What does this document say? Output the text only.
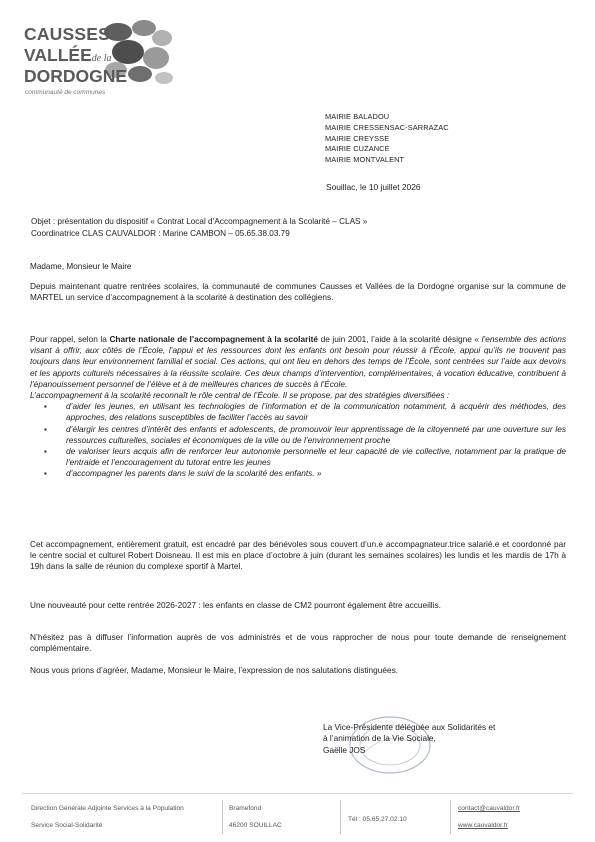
CAUSSESet
VALLÉEde la
DORDOGNE
communauté de communes
MAIRIE BALADOU
MAIRIE CRESSENSAC-SARRAZAC
MAIRIE CREYSSE
MAIRIE CUZANCE
MAIRIE MONTVALENT
Souillac, le 10 juillet 2026
Objet : présentation du dispositif « Contrat Local d’Accompagnement à la Scolarité – CLAS »
Coordinatrice CLAS CAUVALDOR : Marine CAMBON – 05.65.38.03.79
Madame, Monsieur le Maire
Depuis maintenant quatre rentrées scolaires, la communauté de communes Causses et Vallées de la Dordogne organise sur la commune de MARTEL un service d’accompagnement à la scolarité à destination des collégiens.
Pour rappel, selon la Charte nationale de l’accompagnement à la scolarité de juin 2001, l’aide à la scolarité désigne « l’ensemble des actions visant à offrir, aux côtés de l’École, l’appui et les ressources dont les enfants ont besoin pour réussir à l’École, appui qu’ils ne trouvent pas toujours dans leur environnement familial et social. Ces actions, qui ont lieu en dehors des temps de l’École, sont centrées sur l’aide aux devoirs et les apports culturels nécessaires à la réussite scolaire. Ces deux champs d’intervention, complémentaires, à vocation éducative, contribuent à l’épanouissement personnel de l’élève et à de meilleures chances de succès à l’École.
L’accompagnement à la scolarité reconnaît le rôle central de l’École. Il se propose, par des stratégies diversifiées :
▪ d’aider les jeunes, en utilisant les technologies de l’information et de la communication notamment, à acquérir des méthodes, des approches, des relations susceptibles de faciliter l’accès au savoir
▪ d’élargir les centres d’intérêt des enfants et adolescents, de promouvoir leur apprentissage de la citoyenneté par une ouverture sur les ressources culturelles, sociales et économiques de la ville ou de l’environnement proche
▪ de valoriser leurs acquis afin de renforcer leur autonomie personnelle et leur capacité de vie collective, notamment par la pratique de l’entraide et l’encouragement du tutorat entre les jeunes
▪ d’accompagner les parents dans le suivi de la scolarité des enfants. »
Cet accompagnement, entièrement gratuit, est encadré par des bénévoles sous couvert d’un.e accompagnateur.trice salarié.e et coordonné par le centre social et culturel Robert Doisneau. Il est mis en place d’octobre à juin (durant les semaines scolaires) les lundis et les mardis de 17h à 19h dans la salle de réunion du complexe sportif à Martel.
Une nouveauté pour cette rentrée 2026-2027 : les enfants en classe de CM2 pourront également être accueillis.
N’hésitez pas à diffuser l’information auprès de vos administrés et de vous rapprocher de nous pour toute demande de renseignement complémentaire.
Nous vous prions d’agréer, Madame, Monsieur le Maire, l’expression de nos salutations distinguées.
La Vice-Présidente déléguée aux Solidarités et
à l’animation de la Vie Sociale,
Gaëlle JOS
Direction Générale Adjointe Services à la Population
Service Social-Solidarité
Bramefond
46200 SOUILLAC
Tél : 05.65.27.02.10
contact@cauvaldor.fr
www.cauvaldor.fr
